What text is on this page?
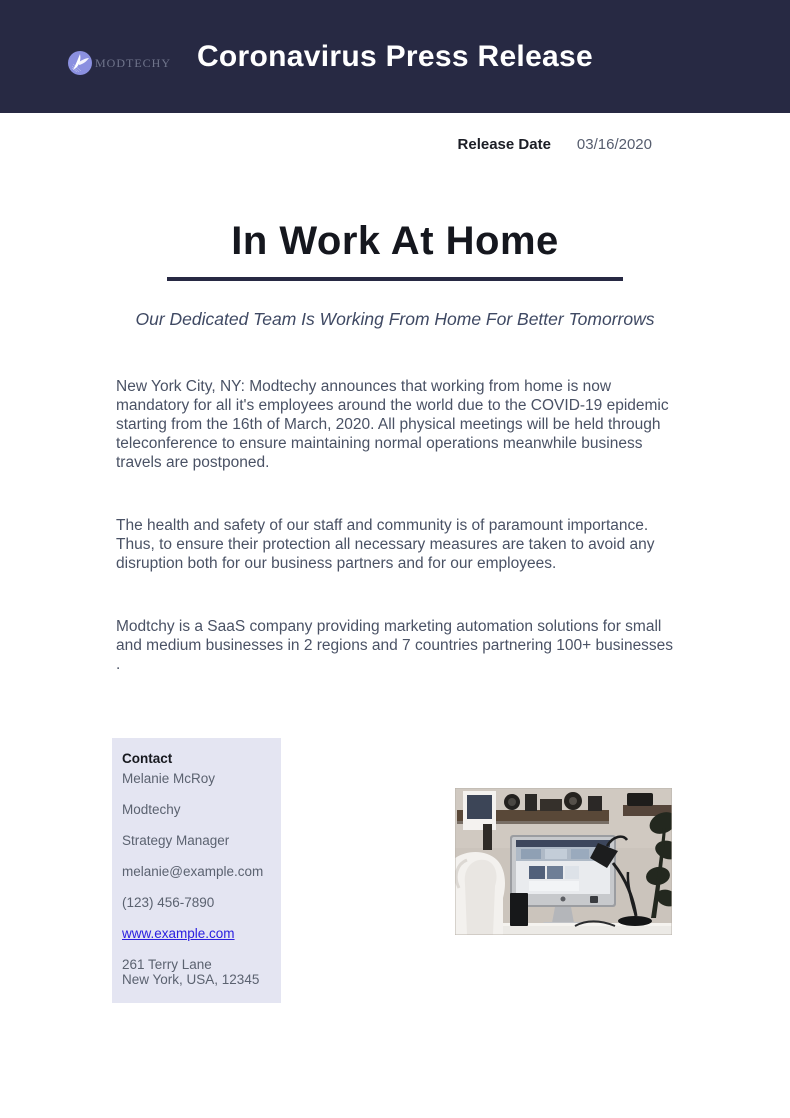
Coronavirus Press Release
MODTECHY
Release Date 03/16/2020
In Work At Home
Our Dedicated Team Is Working From Home For Better Tomorrows

New York City, NY: Modtechy announces that working from home is now mandatory for all it's employees around the world due to the COVID-19 epidemic starting from the 16th of March, 2020. All physical meetings will be held through teleconference to ensure maintaining normal operations meanwhile business travels are postponed.

The health and safety of our staff and community is of paramount importance. Thus, to ensure their protection all necessary measures are taken to avoid any disruption both for our business partners and for our employees.

Modtchy is a SaaS company providing marketing automation solutions for small and medium businesses in 2 regions and 7 countries partnering 100+ businesses .

Contact

Melanie McRoy

Modtechy

Strategy Manager

melanie@example.com

(123) 456-7890

www.example.com

261 Terry Lane
New York, USA, 12345
